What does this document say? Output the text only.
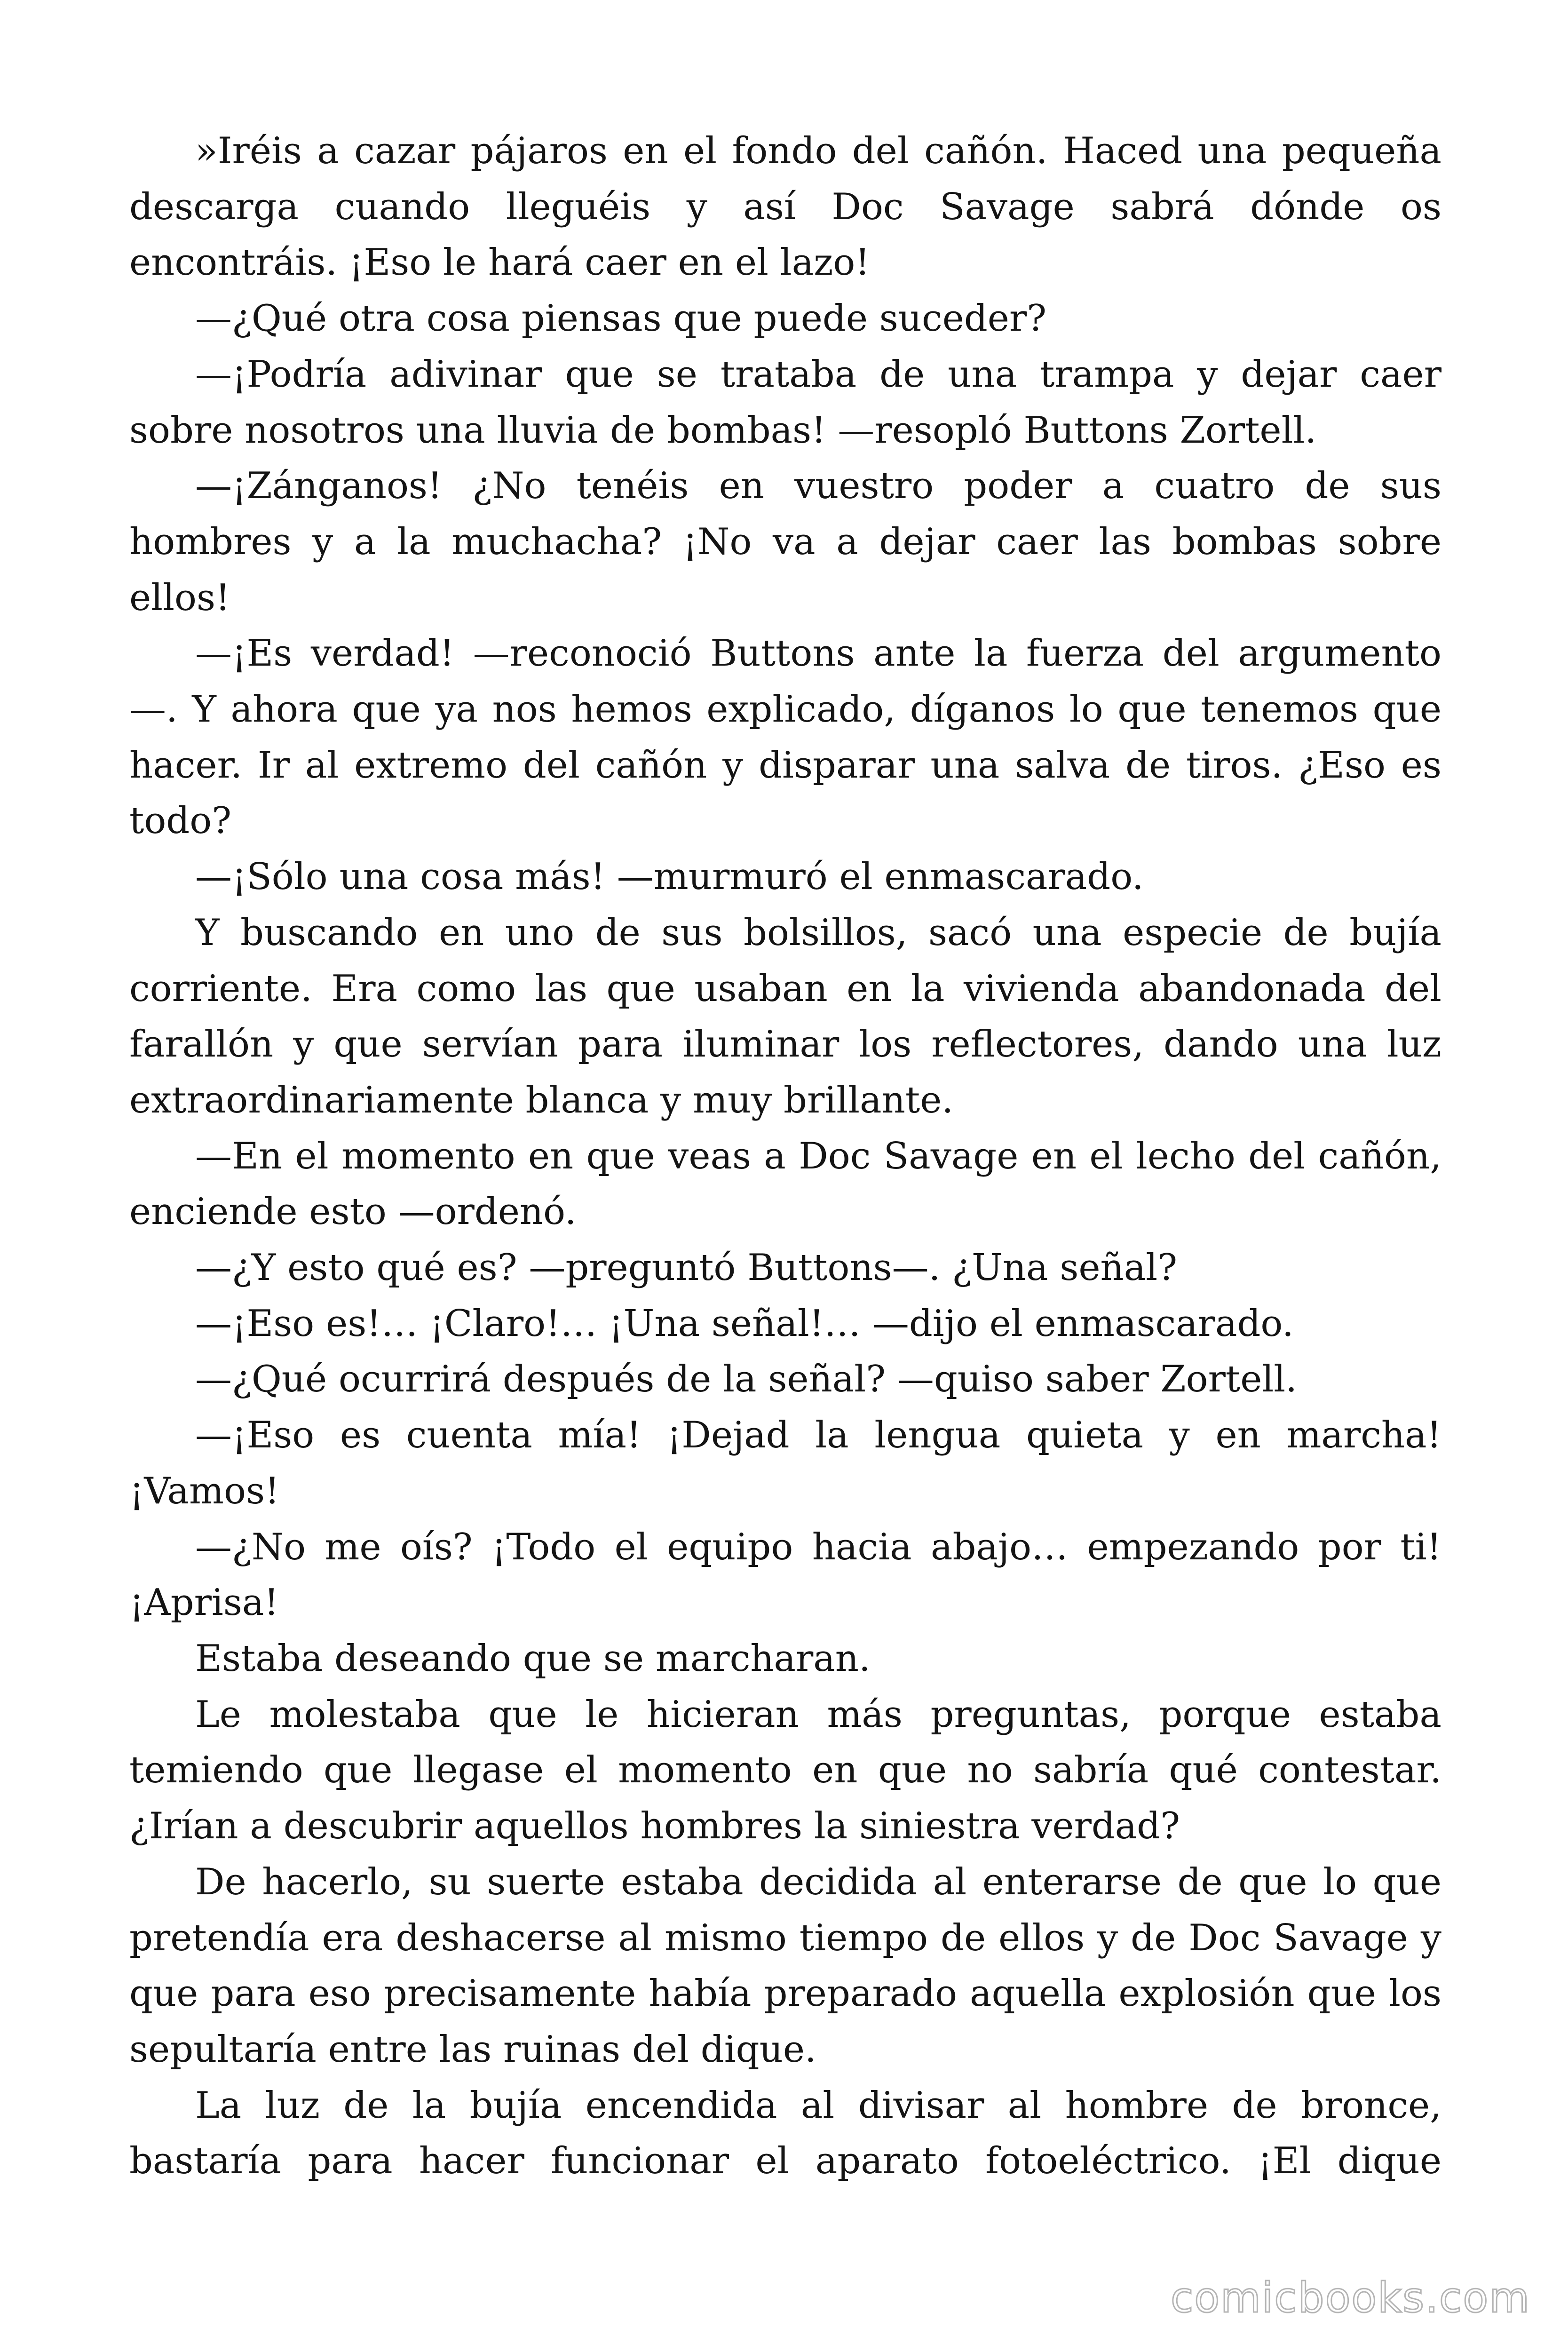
»Iréis a cazar pájaros en el fondo del cañón. Haced una pequeña descarga cuando lleguéis y así Doc Savage sabrá dónde os encontráis. ¡Eso le hará caer en el lazo!

—¿Qué otra cosa piensas que puede suceder?

—¡Podría adivinar que se trataba de una trampa y dejar caer sobre nosotros una lluvia de bombas! —resopló Buttons Zortell.

—¡Zánganos! ¿No tenéis en vuestro poder a cuatro de sus hombres y a la muchacha? ¡No va a dejar caer las bombas sobre ellos!

—¡Es verdad! —reconoció Buttons ante la fuerza del argumento —. Y ahora que ya nos hemos explicado, díganos lo que tenemos que hacer. Ir al extremo del cañón y disparar una salva de tiros. ¿Eso es todo?

—¡Sólo una cosa más! —murmuró el enmascarado.

Y buscando en uno de sus bolsillos, sacó una especie de bujía corriente. Era como las que usaban en la vivienda abandonada del farallón y que servían para iluminar los reflectores, dando una luz extraordinariamente blanca y muy brillante.

—En el momento en que veas a Doc Savage en el lecho del cañón, enciende esto —ordenó.

—¿Y esto qué es? —preguntó Buttons—. ¿Una señal?

—¡Eso es!… ¡Claro!… ¡Una señal!… —dijo el enmascarado.

—¿Qué ocurrirá después de la señal? —quiso saber Zortell.

—¡Eso es cuenta mía! ¡Dejad la lengua quieta y en marcha! ¡Vamos!

—¿No me oís? ¡Todo el equipo hacia abajo… empezando por ti! ¡Aprisa!

Estaba deseando que se marcharan.

Le molestaba que le hicieran más preguntas, porque estaba temiendo que llegase el momento en que no sabría qué contestar. ¿Irían a descubrir aquellos hombres la siniestra verdad?

De hacerlo, su suerte estaba decidida al enterarse de que lo que pretendía era deshacerse al mismo tiempo de ellos y de Doc Savage y que para eso precisamente había preparado aquella explosión que los sepultaría entre las ruinas del dique.

La luz de la bujía encendida al divisar al hombre de bronce, bastaría para hacer funcionar el aparato fotoeléctrico. ¡El dique

comicbooks.com
